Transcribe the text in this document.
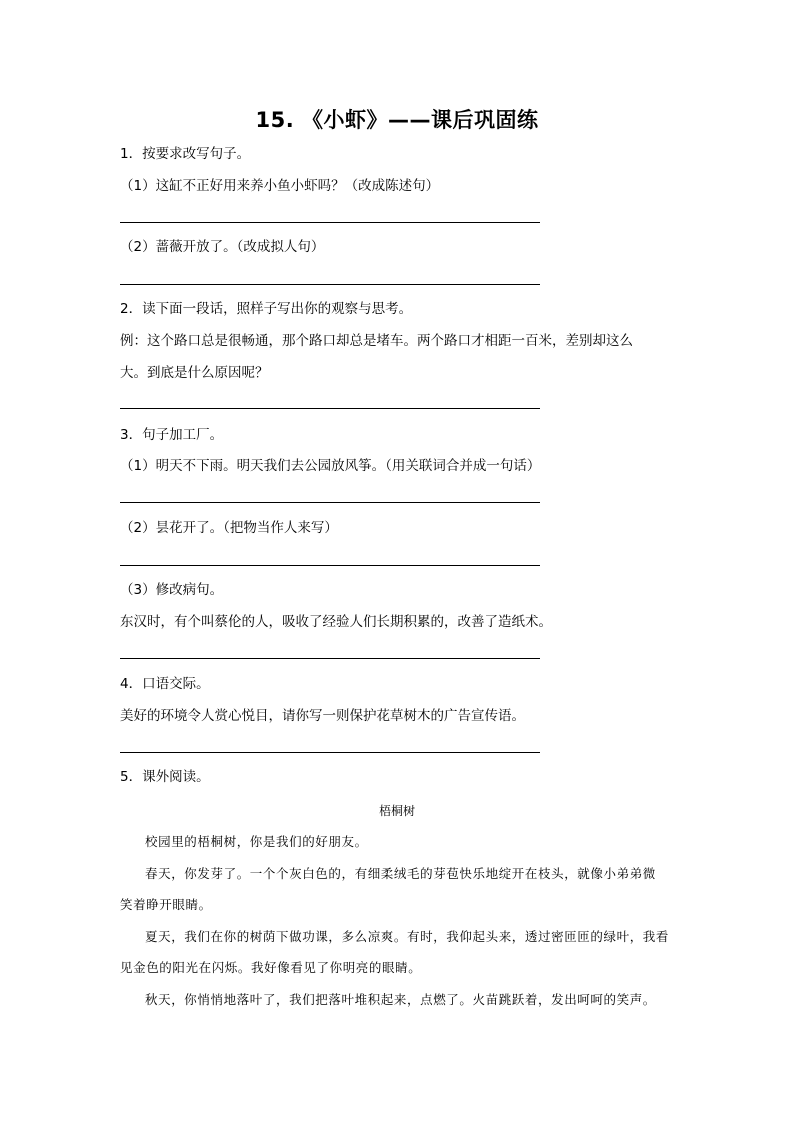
15. 《小虾》——课后巩固练
1．按要求改写句子。
（1）这缸不正好用来养小鱼小虾吗？（改成陈述句）
（2）蔷薇开放了。（改成拟人句）
2．读下面一段话，照样子写出你的观察与思考。
例：这个路口总是很畅通，那个路口却总是堵车。两个路口才相距一百米，差别却这么
大。到底是什么原因呢？
3．句子加工厂。
（1）明天不下雨。明天我们去公园放风筝。（用关联词合并成一句话）
（2）昙花开了。（把物当作人来写）
（3）修改病句。
东汉时，有个叫蔡伦的人，吸收了经验人们长期积累的，改善了造纸术。
4．口语交际。
美好的环境令人赏心悦目，请你写一则保护花草树木的广告宣传语。
5．课外阅读。
梧桐树
校园里的梧桐树，你是我们的好朋友。
春天，你发芽了。一个个灰白色的，有细柔绒毛的芽苞快乐地绽开在枝头，就像小弟弟微
笑着睁开眼睛。
夏天，我们在你的树荫下做功课，多么凉爽。有时，我仰起头来，透过密匝匝的绿叶，我看
见金色的阳光在闪烁。我好像看见了你明亮的眼睛。
秋天，你悄悄地落叶了，我们把落叶堆积起来，点燃了。火苗跳跃着，发出呵呵的笑声。
